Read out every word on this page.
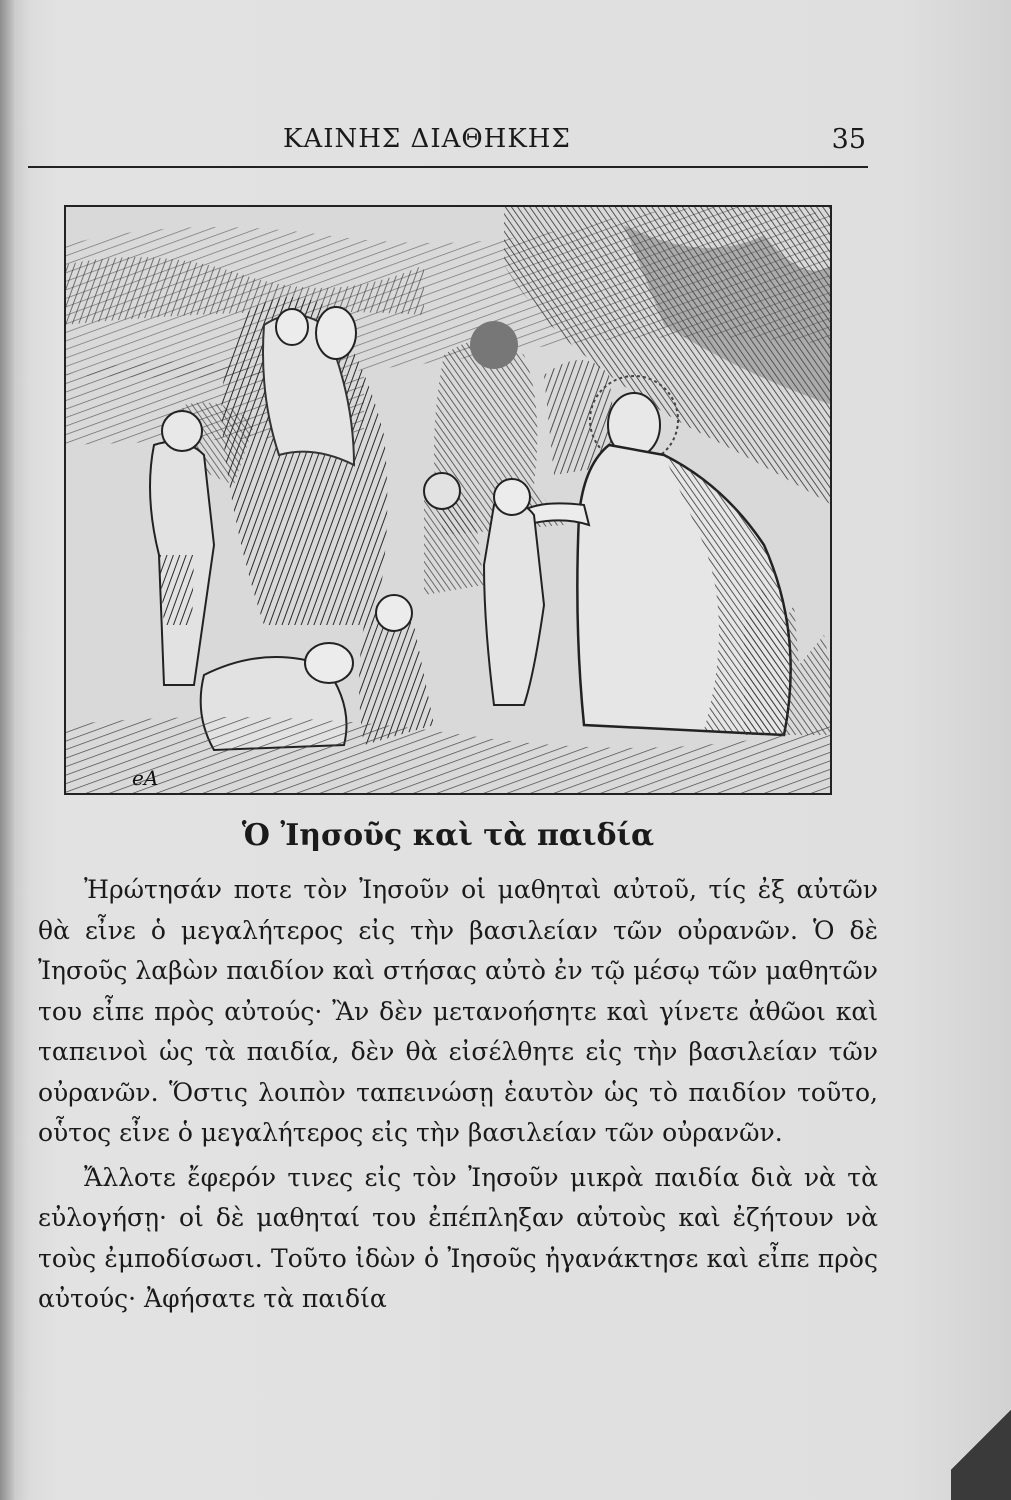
ΚΑΙΝΗΣ ΔΙΑΘΗΚΗΣ	35
eA
Ὁ Ἰησοῦς καὶ τὰ παιδία

Ἠρώτησάν ποτε τὸν Ἰησοῦν οἱ μαθηταὶ αὐτοῦ, τίς ἐξ αὐτῶν θὰ εἶνε ὁ μεγαλήτερος εἰς τὴν βασιλείαν τῶν οὐρανῶν. Ὁ δὲ Ἰησοῦς λαβὼν παιδίον καὶ στήσας αὐτὸ ἐν τῷ μέσῳ τῶν μαθητῶν του εἶπε πρὸς αὐτούς· Ἂν δὲν μετανοήσητε καὶ γίνετε ἀθῶοι καὶ ταπεινοὶ ὡς τὰ παιδία, δὲν θὰ εἰσέλθητε εἰς τὴν βασιλείαν τῶν οὐρανῶν. Ὅστις λοιπὸν ταπεινώσῃ ἑαυτὸν ὡς τὸ παιδίον τοῦτο, οὗτος εἶνε ὁ μεγαλήτερος εἰς τὴν βασιλείαν τῶν οὐρανῶν.

Ἄλλοτε ἔφερόν τινες εἰς τὸν Ἰησοῦν μικρὰ παιδία διὰ νὰ τὰ εὐλογήσῃ· οἱ δὲ μαθηταί του ἐπέπληξαν αὐτοὺς καὶ ἐζήτουν νὰ τοὺς ἐμποδίσωσι. Τοῦτο ἰδὼν ὁ Ἰησοῦς ἠγανάκτησε καὶ εἶπε πρὸς αὐτούς· Ἀφήσατε τὰ παιδία
